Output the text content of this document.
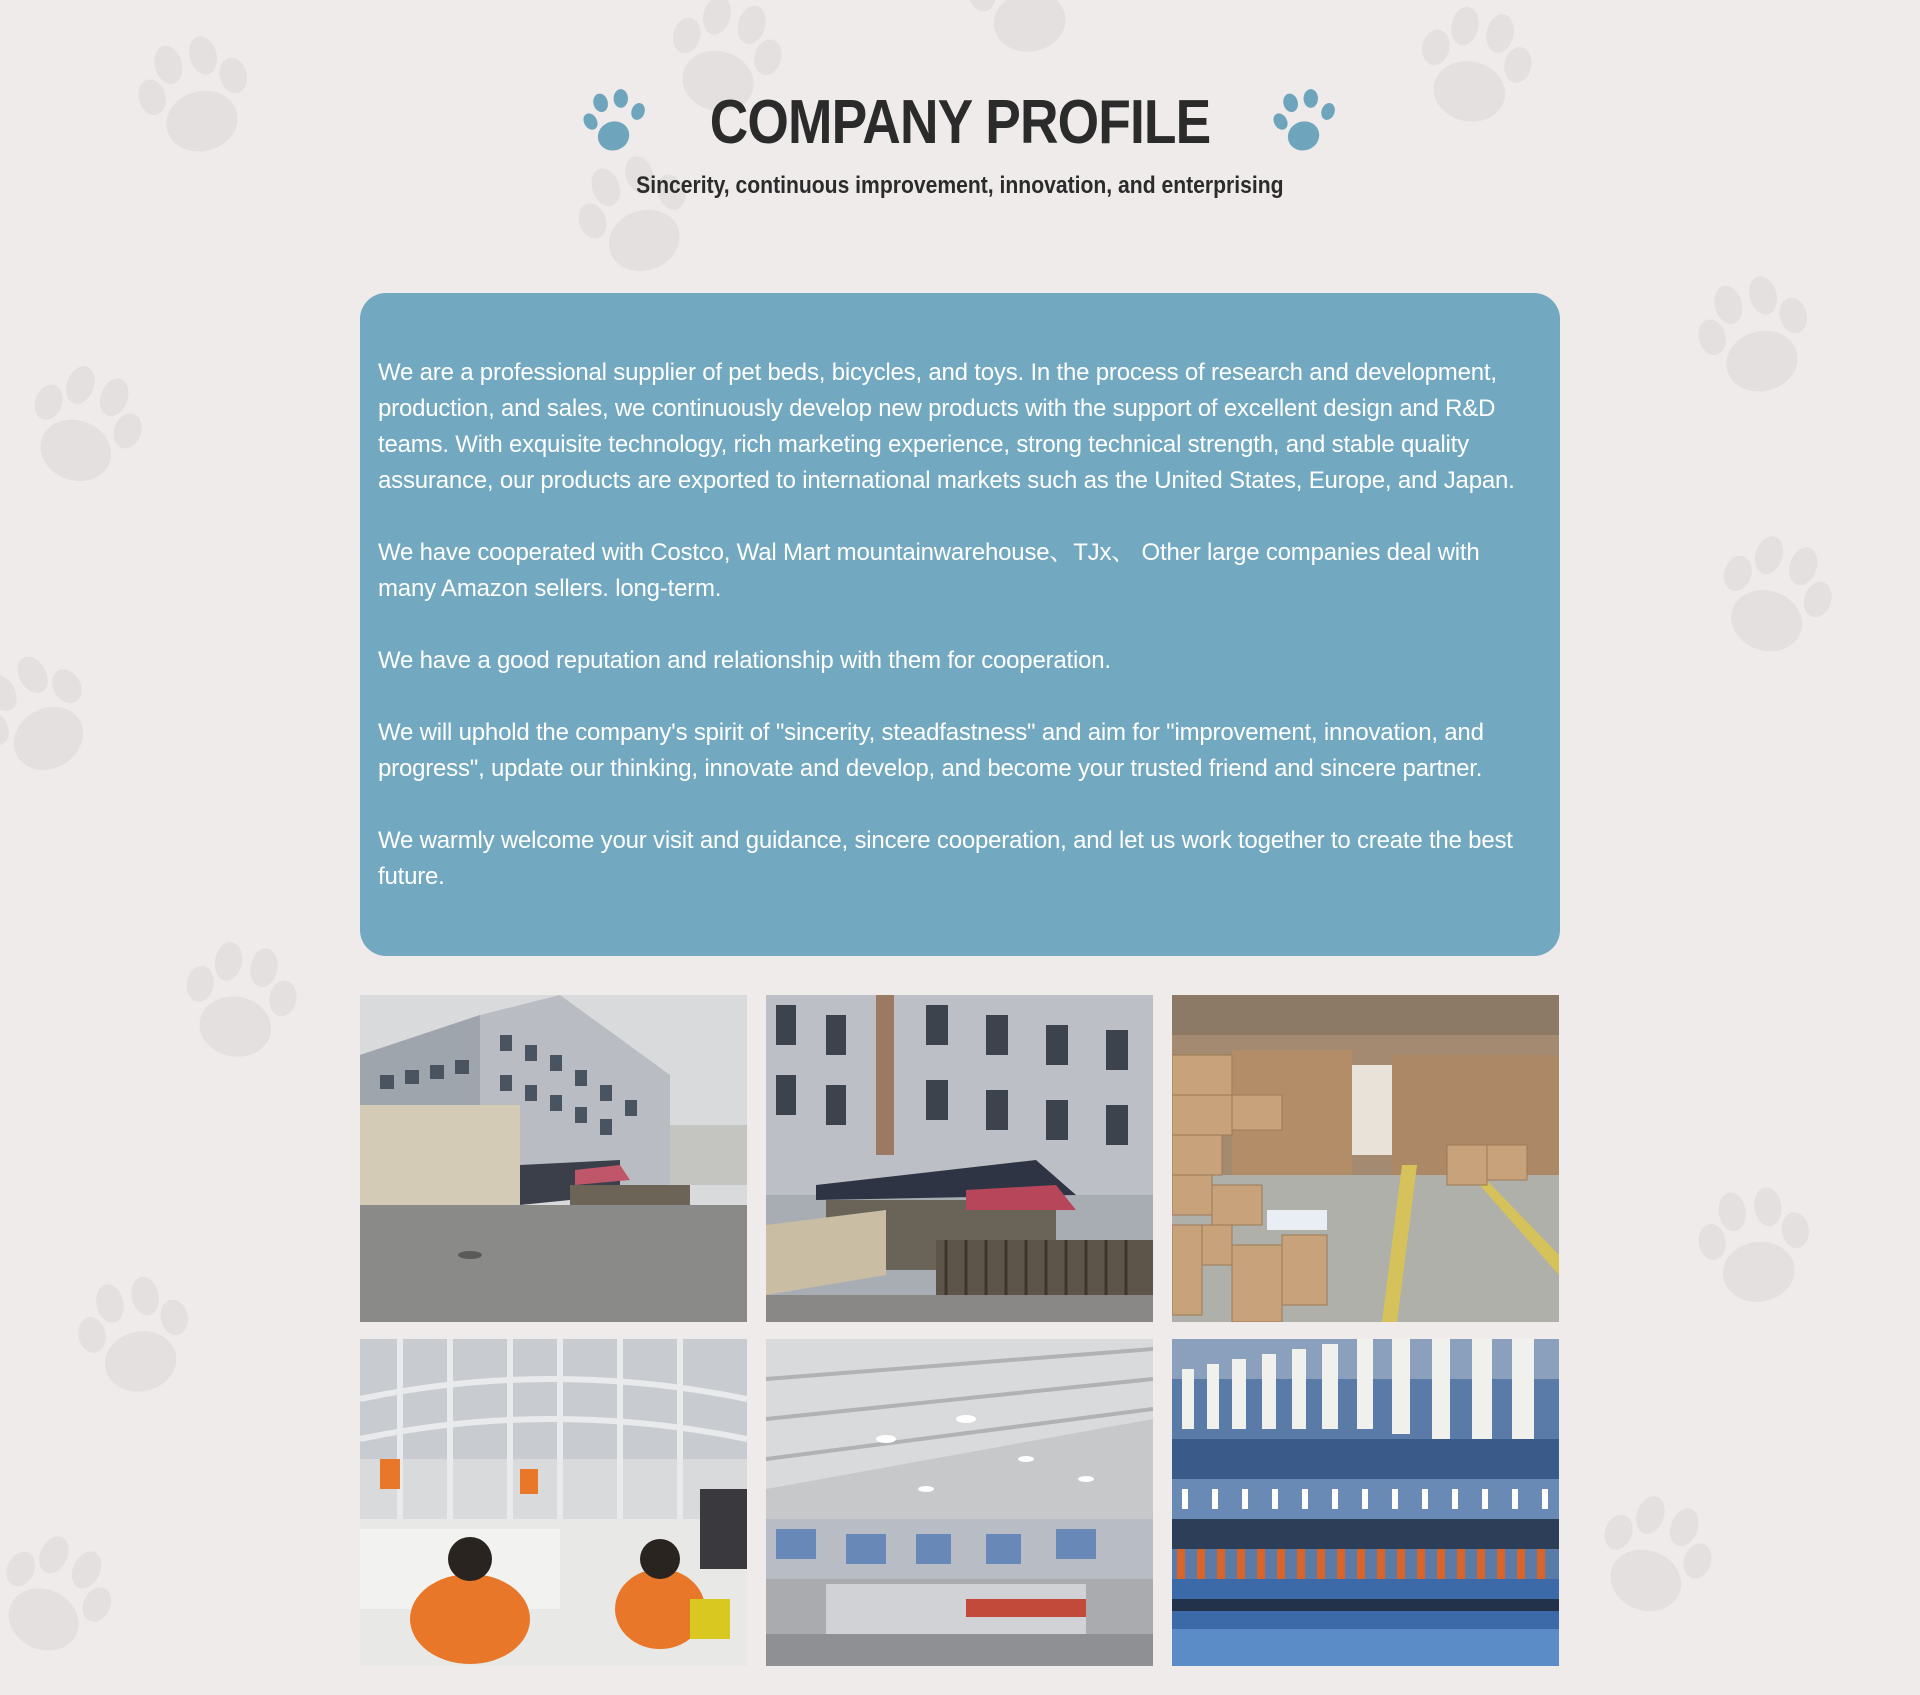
COMPANY PROFILE
Sincerity, continuous improvement, innovation, and enterprising

We are a professional supplier of pet beds, bicycles, and toys. In the process of research and development, production, and sales, we continuously develop new products with the support of excellent design and R&D teams. With exquisite technology, rich marketing experience, strong technical strength, and stable quality assurance, our products are exported to international markets such as the United States, Europe, and Japan.

We have cooperated with Costco, Wal Mart mountainwarehouse、TJx、 Other large companies deal with many Amazon sellers. long-term.

We have a good reputation and relationship with them for cooperation.

We will uphold the company's spirit of "sincerity, steadfastness" and aim for "improvement, innovation, and progress", update our thinking, innovate and develop, and become your trusted friend and sincere partner.

We warmly welcome your visit and guidance, sincere cooperation, and let us work together to create the best future.
